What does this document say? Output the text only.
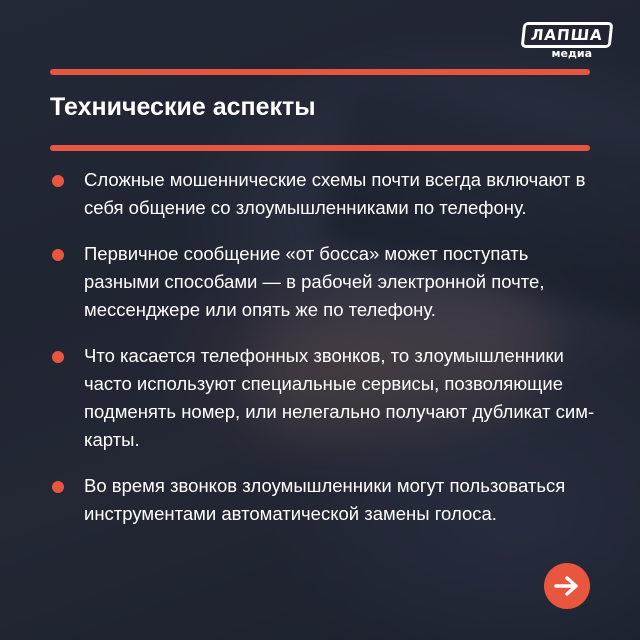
ЛАПША
медиа
Технические аспекты
Сложные мошеннические схемы почти всегда включают в себя общение со злоумышленниками по телефону.
Первичное сообщение «от босса» может поступать разными способами — в рабочей электронной почте, мессенджере или опять же по телефону.
Что касается телефонных звонков, то злоумышленники часто используют специальные сервисы, позволяющие подменять номер, или нелегально получают дубликат сим-карты.
Во время звонков злоумышленники могут пользоваться инструментами автоматической замены голоса.
